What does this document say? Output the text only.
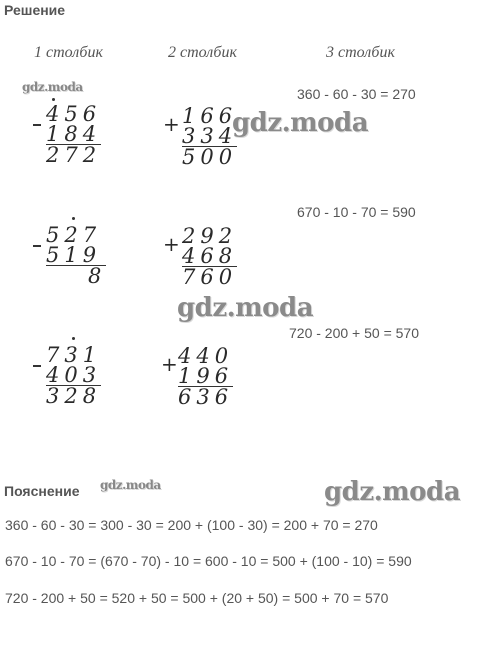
Решение
1 столбик	2 столбик	3 столбик
gdz.moda
gdz.moda
gdz.moda
gdz.moda	gdz.moda
456
184
272
+ 166
334
500
360 - 60 - 30 = 270
527
519
8
+ 292
468
760
670 - 10 - 70 = 590
731
403
328
+ 440
196
636
720 - 200 + 50 = 570
Пояснение
360 - 60 - 30 = 300 - 30 = 200 + (100 - 30) = 200 + 70 = 270
670 - 10 - 70 = (670 - 70) - 10 = 600 - 10 = 500 + (100 - 10) = 590
720 - 200 + 50 = 520 + 50 = 500 + (20 + 50) = 500 + 70 = 570
